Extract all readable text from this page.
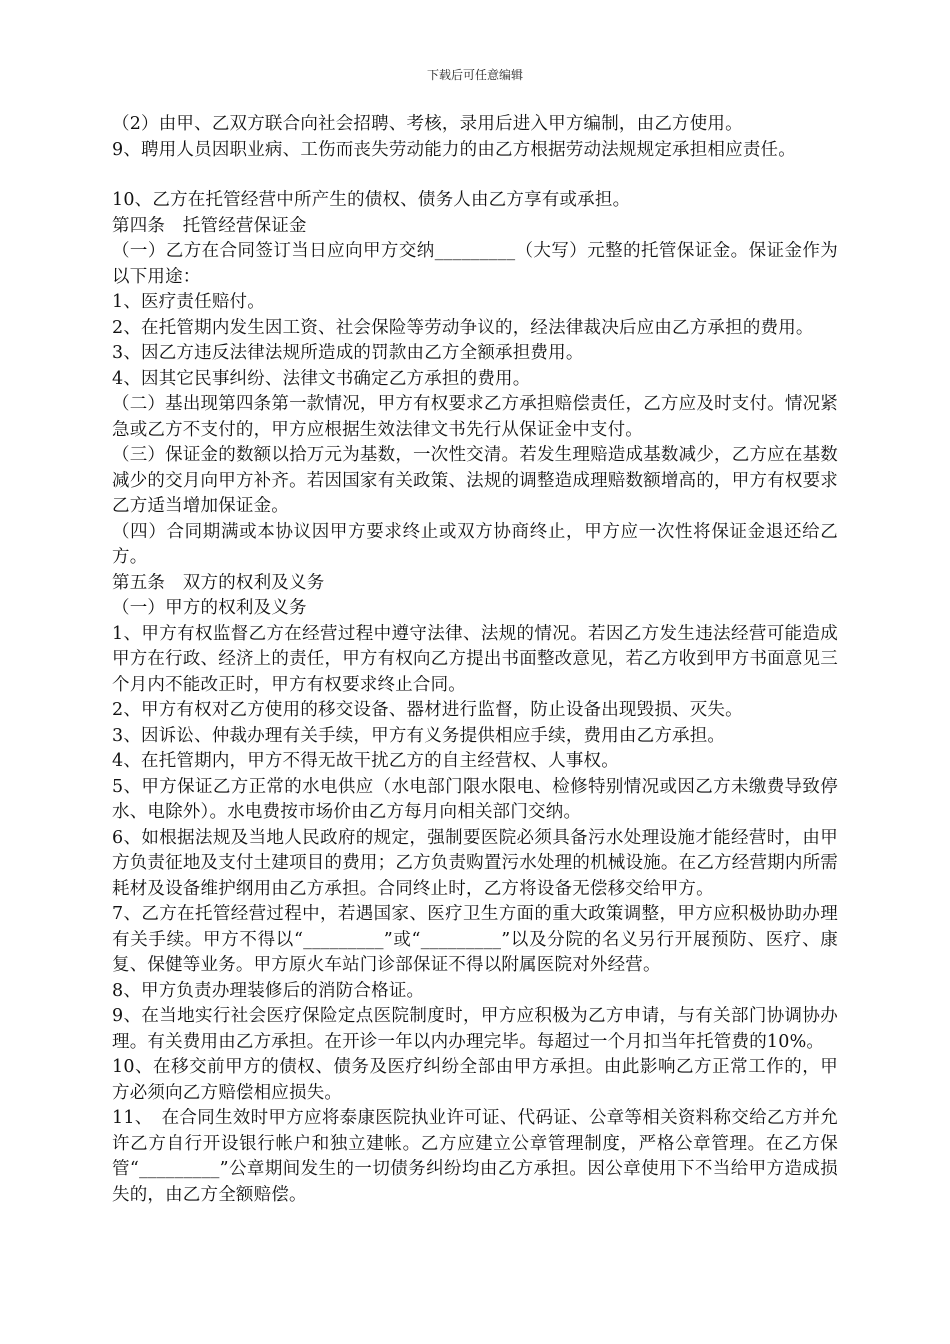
下载后可任意编辑

（2）由甲、乙双方联合向社会招聘、考核，录用后进入甲方编制，由乙方使用。

9、聘用人员因职业病、工伤而丧失劳动能力的由乙方根据劳动法规规定承担相应责任。

10、乙方在托管经营中所产生的债权、债务人由乙方享有或承担。

第四条　托管经营保证金

（一）乙方在合同签订当日应向甲方交纳_________（大写）元整的托管保证金。保证金作为以下用途：

1、医疗责任赔付。

2、在托管期内发生因工资、社会保险等劳动争议的，经法律裁决后应由乙方承担的费用。

3、因乙方违反法律法规所造成的罚款由乙方全额承担费用。

4、因其它民事纠纷、法律文书确定乙方承担的费用。

（二）基出现第四条第一款情况，甲方有权要求乙方承担赔偿责任，乙方应及时支付。情况紧急或乙方不支付的，甲方应根据生效法律文书先行从保证金中支付。

（三）保证金的数额以拾万元为基数，一次性交清。若发生理赔造成基数减少，乙方应在基数减少的交月向甲方补齐。若因国家有关政策、法规的调整造成理赔数额增高的，甲方有权要求乙方适当增加保证金。

（四）合同期满或本协议因甲方要求终止或双方协商终止，甲方应一次性将保证金退还给乙方。

第五条　双方的权利及义务

（一）甲方的权利及义务

1、甲方有权监督乙方在经营过程中遵守法律、法规的情况。若因乙方发生违法经营可能造成甲方在行政、经济上的责任，甲方有权向乙方提出书面整改意见，若乙方收到甲方书面意见三个月内不能改正时，甲方有权要求终止合同。

2、甲方有权对乙方使用的移交设备、器材进行监督，防止设备出现毁损、灭失。

3、因诉讼、仲裁办理有关手续，甲方有义务提供相应手续，费用由乙方承担。

4、在托管期内，甲方不得无故干扰乙方的自主经营权、人事权。

5、甲方保证乙方正常的水电供应（水电部门限水限电、检修特别情况或因乙方未缴费导致停水、电除外）。水电费按市场价由乙方每月向相关部门交纳。

6、如根据法规及当地人民政府的规定，强制要医院必须具备污水处理设施才能经营时，由甲方负责征地及支付土建项目的费用；乙方负责购置污水处理的机械设施。在乙方经营期内所需耗材及设备维护纲用由乙方承担。合同终止时，乙方将设备无偿移交给甲方。

7、乙方在托管经营过程中，若遇国家、医疗卫生方面的重大政策调整，甲方应积极协助办理有关手续。甲方不得以“_________”或“_________”以及分院的名义另行开展预防、医疗、康复、保健等业务。甲方原火车站门诊部保证不得以附属医院对外经营。

8、甲方负责办理装修后的消防合格证。

9、在当地实行社会医疗保险定点医院制度时，甲方应积极为乙方申请，与有关部门协调协办理。有关费用由乙方承担。在开诊一年以内办理完毕。每超过一个月扣当年托管费的10%。

10、在移交前甲方的债权、债务及医疗纠纷全部由甲方承担。由此影响乙方正常工作的，甲方必须向乙方赔偿相应损失。

11、　在合同生效时甲方应将泰康医院执业许可证、代码证、公章等相关资料称交给乙方并允许乙方自行开设银行帐户和独立建帐。乙方应建立公章管理制度，严格公章管理。在乙方保管“_________”公章期间发生的一切债务纠纷均由乙方承担。因公章使用下不当给甲方造成损失的，由乙方全额赔偿。
